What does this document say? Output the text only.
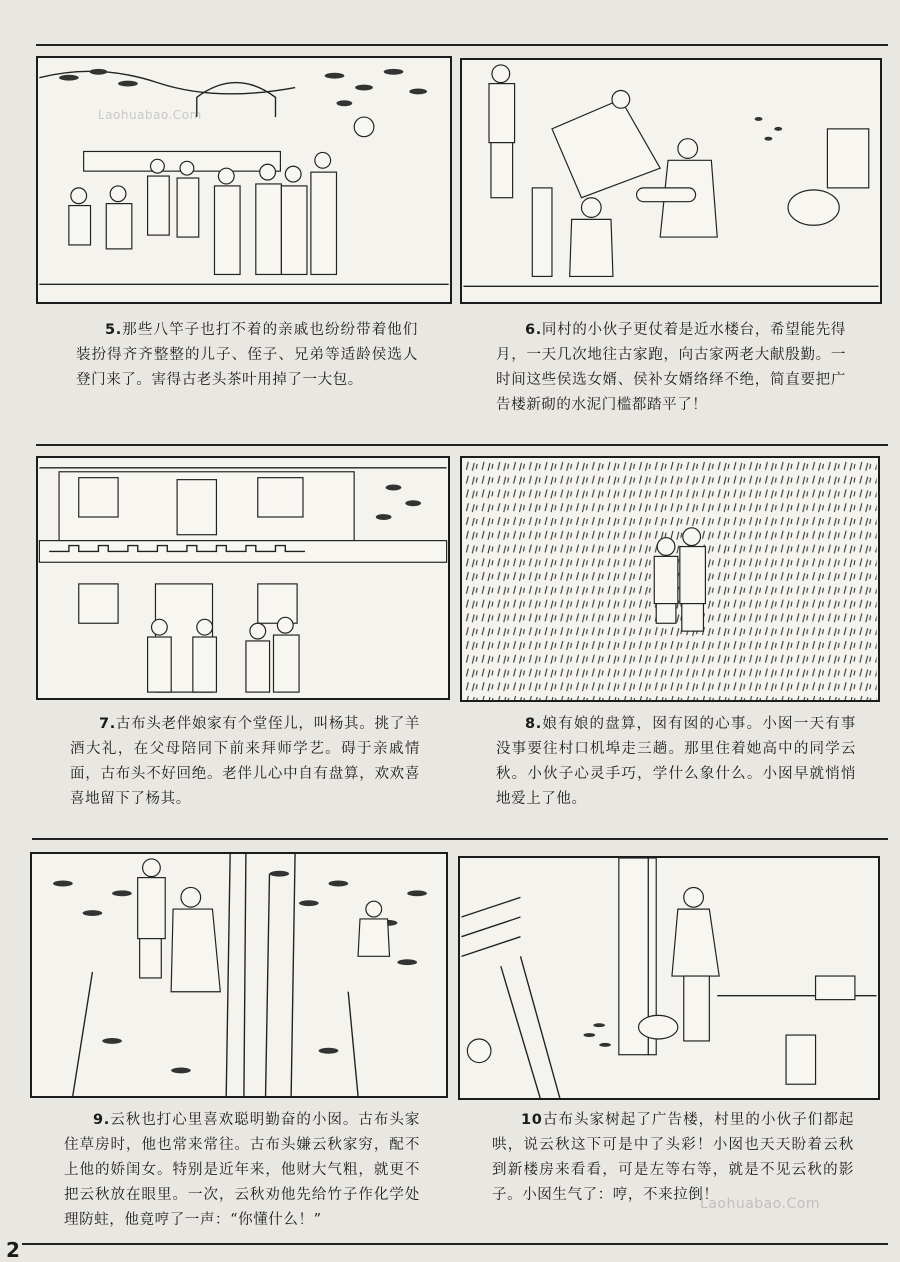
Laohuabao.Com
5.那些八竿子也打不着的亲戚也纷纷带着他们装扮得齐齐整整的儿子、侄子、兄弟等适龄侯选人登门来了。害得古老头茶叶用掉了一大包。
6.同村的小伙子更仗着是近水楼台，希望能先得月，一天几次地往古家跑，向古家两老大献殷勤。一时间这些侯选女婿、侯补女婿络绎不绝，简直要把广告楼新砌的水泥门槛都踏平了！
7.古布头老伴娘家有个堂侄儿，叫杨其。挑了羊酒大礼，在父母陪同下前来拜师学艺。碍于亲戚情面，古布头不好回绝。老伴儿心中自有盘算，欢欢喜喜地留下了杨其。
8.娘有娘的盘算，囡有囡的心事。小囡一天有事没事要往村口机埠走三趟。那里住着她高中的同学云秋。小伙子心灵手巧，学什么象什么。小囡早就悄悄地爱上了他。
9.云秋也打心里喜欢聪明勤奋的小囡。古布头家住草房时，他也常来常往。古布头嫌云秋家穷，配不上他的娇闺女。特别是近年来，他财大气粗，就更不把云秋放在眼里。一次，云秋劝他先给竹子作化学处理防蛀，他竟哼了一声：“你懂什么！”
10古布头家树起了广告楼，村里的小伙子们都起哄，说云秋这下可是中了头彩！小囡也天天盼着云秋到新楼房来看看，可是左等右等，就是不见云秋的影子。小囡生气了：哼，不来拉倒！
Laohuabao.Com
2
